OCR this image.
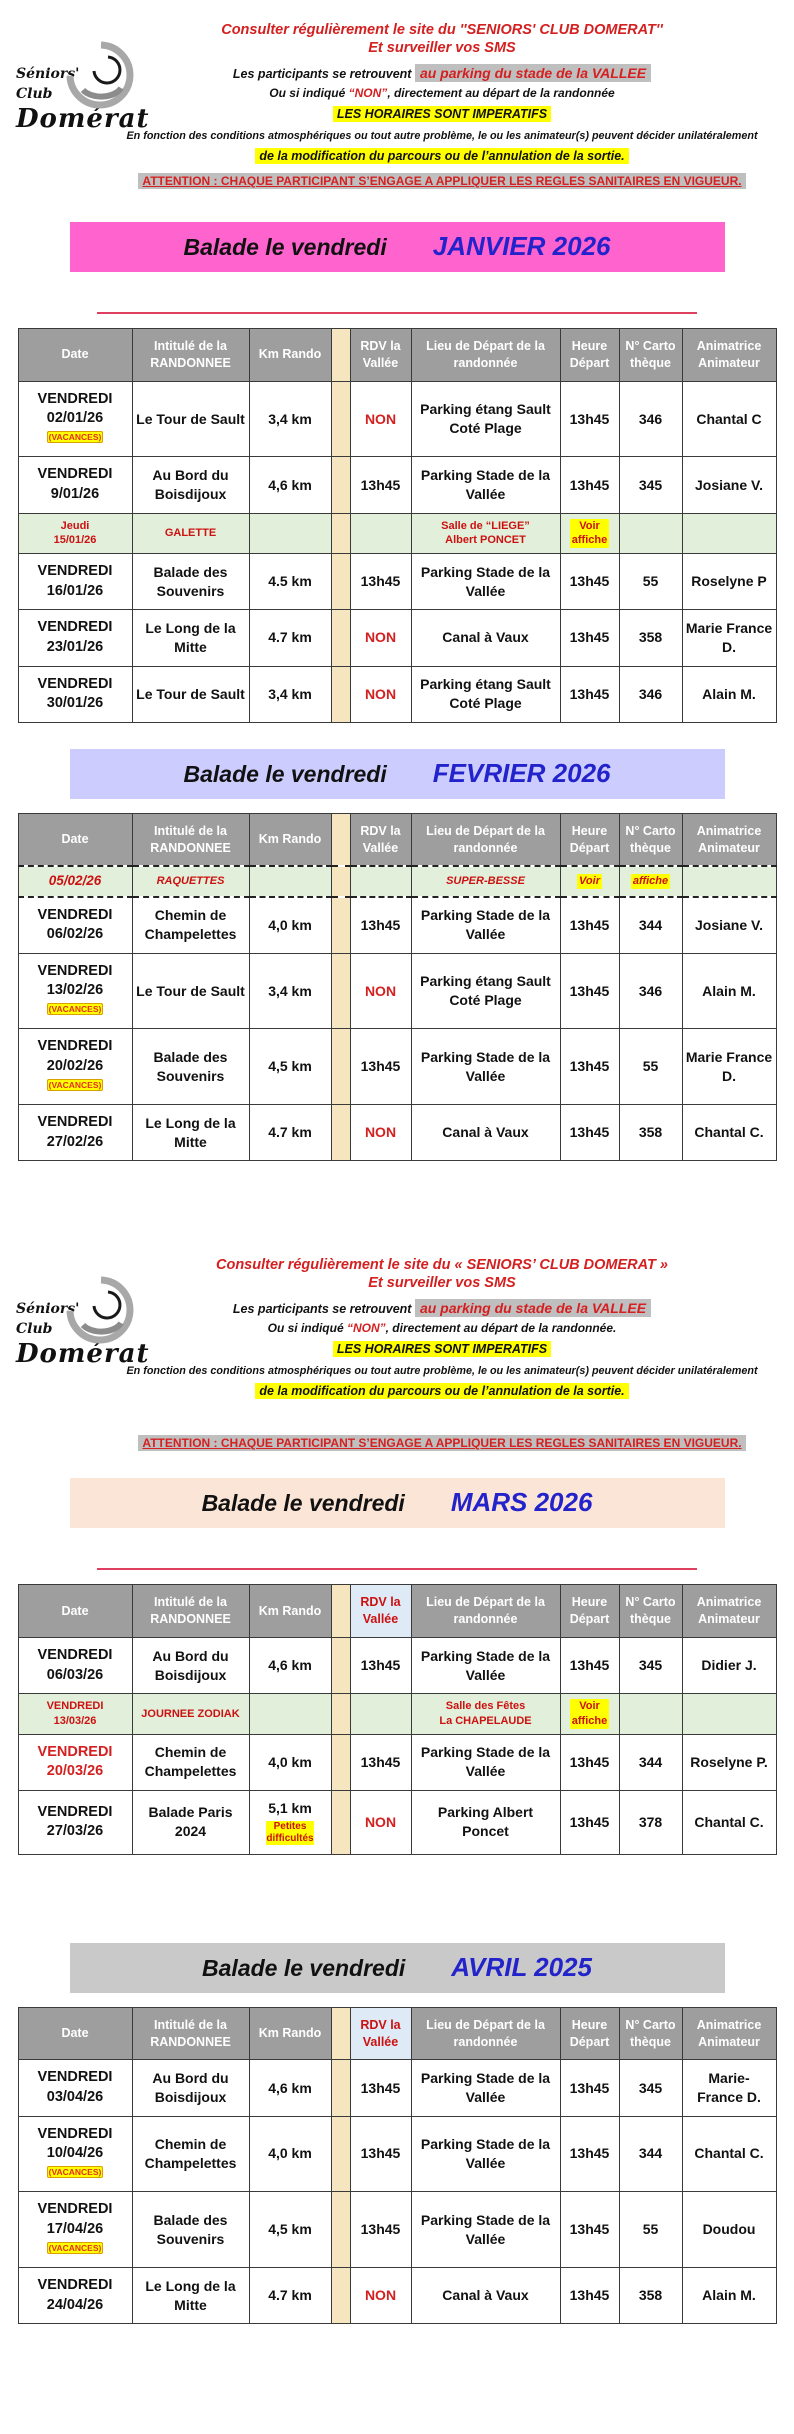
Séniors'
Club
Domérat

Consulter régulièrement le site du ''SENIORS' CLUB DOMERAT''

Et surveiller vos SMS

Les participants se retrouvent au parking du stade de la VALLEE

Ou si indiqué “NON”, directement au départ de la randonnée

LES HORAIRES SONT IMPERATIFS

En fonction des conditions atmosphériques ou tout autre problème, le ou les animateur(s) peuvent décider unilatéralement

de la modification du parcours ou de l’annulation de la sortie.

ATTENTION : CHAQUE PARTICIPANT S’ENGAGE A APPLIQUER LES REGLES SANITAIRES EN VIGUEUR.

Balade le vendredi JANVIER 2026
Date	Intitulé de la RANDONNEE	Km Rando		RDV la Vallée	Lieu de Départ de la randonnée	Heure Départ	N° Carto thèque	Animatrice Animateur
VENDREDI
02/01/26 (VACANCES)	Le Tour de Sault	3,4 km		NON	Parking étang Sault Coté Plage	13h45	346	Chantal C
VENDREDI
9/01/26	Au Bord du Boisdijoux	4,6 km		13h45	Parking Stade de la Vallée	13h45	345	Josiane V.
Jeudi
15/01/26	GALETTE				Salle de “LIEGE”
Albert PONCET	Voir
affiche		
VENDREDI
16/01/26	Balade des Souvenirs	4.5 km		13h45	Parking Stade de la Vallée	13h45	55	Roselyne P
VENDREDI
23/01/26	Le Long de la Mitte	4.7 km		NON	Canal à Vaux	13h45	358	Marie France D.
VENDREDI
30/01/26	Le Tour de Sault	3,4 km		NON	Parking étang Sault Coté Plage	13h45	346	Alain M.
Balade le vendredi FEVRIER 2026
Date	Intitulé de la RANDONNEE	Km Rando		RDV la Vallée	Lieu de Départ de la randonnée	Heure Départ	N° Carto thèque	Animatrice Animateur
05/02/26	RAQUETTES				SUPER-BESSE	Voir	affiche	
VENDREDI
06/02/26	Chemin de Champelettes	4,0 km		13h45	Parking Stade de la Vallée	13h45	344	Josiane V.
VENDREDI
13/02/26 (VACANCES)	Le Tour de Sault	3,4 km		NON	Parking étang Sault Coté Plage	13h45	346	Alain M.
VENDREDI
20/02/26 (VACANCES)	Balade des Souvenirs	4,5 km		13h45	Parking Stade de la Vallée	13h45	55	Marie France D.
VENDREDI
27/02/26	Le Long de la Mitte	4.7 km		NON	Canal à Vaux	13h45	358	Chantal C.
Séniors'
Club
Domérat

Consulter régulièrement le site du « SENIORS’ CLUB DOMERAT »

Et surveiller vos SMS

Les participants se retrouvent au parking du stade de la VALLEE

Ou si indiqué “NON”, directement au départ de la randonnée.

LES HORAIRES SONT IMPERATIFS

En fonction des conditions atmosphériques ou tout autre problème, le ou les animateur(s) peuvent décider unilatéralement

de la modification du parcours ou de l’annulation de la sortie.

ATTENTION : CHAQUE PARTICIPANT S’ENGAGE A APPLIQUER LES REGLES SANITAIRES EN VIGUEUR.

Balade le vendredi MARS 2026
Date	Intitulé de la RANDONNEE	Km Rando		RDV la Vallée	Lieu de Départ de la randonnée	Heure Départ	N° Carto thèque	Animatrice Animateur
VENDREDI
06/03/26	Au Bord du Boisdijoux	4,6 km		13h45	Parking Stade de la Vallée	13h45	345	Didier J.
VENDREDI
13/03/26	JOURNEE ZODIAK				Salle des Fêtes
La CHAPELAUDE	Voir
affiche		
VENDREDI
20/03/26	Chemin de Champelettes	4,0 km		13h45	Parking Stade de la Vallée	13h45	344	Roselyne P.
VENDREDI
27/03/26	Balade Paris 2024	5,1 km
Petites
difficultés		NON	Parking Albert Poncet	13h45	378	Chantal C.
Balade le vendredi AVRIL 2025
Date	Intitulé de la RANDONNEE	Km Rando		RDV la Vallée	Lieu de Départ de la randonnée	Heure Départ	N° Carto thèque	Animatrice Animateur
VENDREDI
03/04/26	Au Bord du Boisdijoux	4,6 km		13h45	Parking Stade de la Vallée	13h45	345	Marie-France D.
VENDREDI
10/04/26 (VACANCES)	Chemin de Champelettes	4,0 km		13h45	Parking Stade de la Vallée	13h45	344	Chantal C.
VENDREDI
17/04/26 (VACANCES)	Balade des Souvenirs	4,5 km		13h45	Parking Stade de la Vallée	13h45	55	Doudou
VENDREDI
24/04/26	Le Long de la Mitte	4.7 km		NON	Canal à Vaux	13h45	358	Alain M.
